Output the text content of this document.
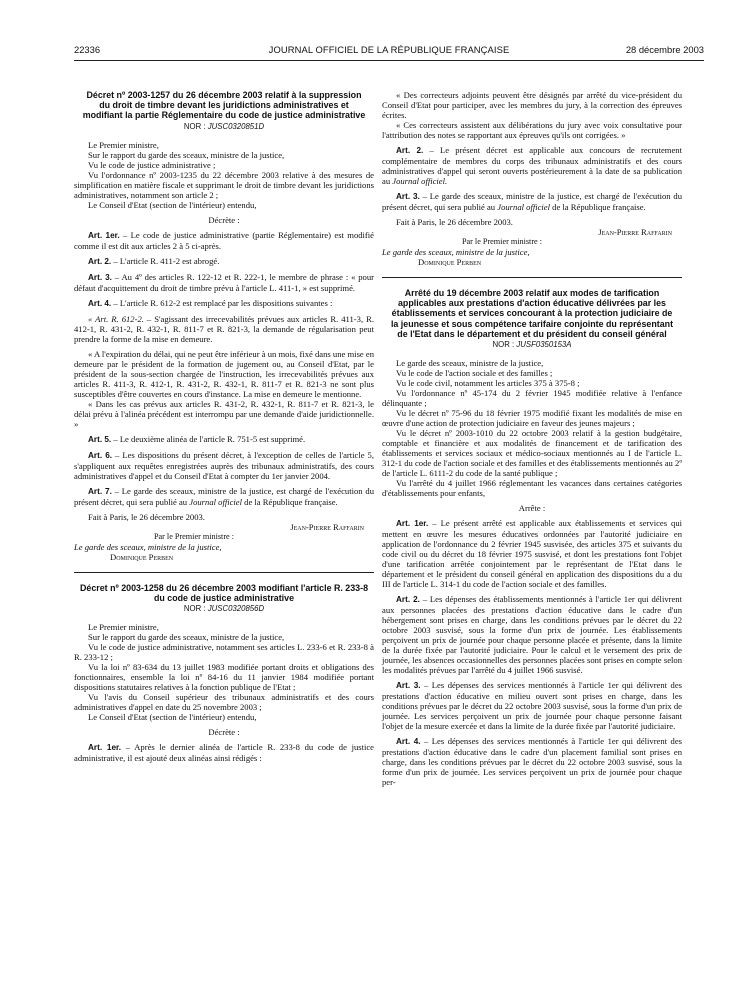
22336	JOURNAL OFFICIEL DE LA RÉPUBLIQUE FRANÇAISE	28 décembre 2003
Décret nº 2003-1257 du 26 décembre 2003 relatif à la suppression du droit de timbre devant les juridictions administratives et modifiant la partie Réglementaire du code de justice administrative
NOR : JUSC0320851D

Le Premier ministre,

Sur le rapport du garde des sceaux, ministre de la justice,

Vu le code de justice administrative ;

Vu l'ordonnance nº 2003-1235 du 22 décembre 2003 relative à des mesures de simplification en matière fiscale et supprimant le droit de timbre devant les juridictions administratives, notamment son article 2 ;

Le Conseil d'Etat (section de l'intérieur) entendu,

Décrète :

Art. 1er. – Le code de justice administrative (partie Réglementaire) est modifié comme il est dit aux articles 2 à 5 ci-après.

Art. 2. – L'article R. 411-2 est abrogé.

Art. 3. – Au 4º des articles R. 122-12 et R. 222-1, le membre de phrase : « pour défaut d'acquittement du droit de timbre prévu à l'article L. 411-1, » est supprimé.

Art. 4. – L'article R. 612-2 est remplacé par les dispositions suivantes :

« Art. R. 612-2. – S'agissant des irrecevabilités prévues aux articles R. 411-3, R. 412-1, R. 431-2, R. 432-1, R. 811-7 et R. 821-3, la demande de régularisation peut prendre la forme de la mise en demeure.

« A l'expiration du délai, qui ne peut être inférieur à un mois, fixé dans une mise en demeure par le président de la formation de jugement ou, au Conseil d'Etat, par le président de la sous-section chargée de l'instruction, les irrecevabilités prévues aux articles R. 411-3, R. 412-1, R. 431-2, R. 432-1, R. 811-7 et R. 821-3 ne sont plus susceptibles d'être couvertes en cours d'instance. La mise en demeure le mentionne.

« Dans les cas prévus aux articles R. 431-2, R. 432-1, R. 811-7 et R. 821-3, le délai prévu à l'alinéa précédent est interrompu par une demande d'aide juridictionnelle. »

Art. 5. – Le deuxième alinéa de l'article R. 751-5 est supprimé.

Art. 6. – Les dispositions du présent décret, à l'exception de celles de l'article 5, s'appliquent aux requêtes enregistrées auprès des tribunaux administratifs, des cours administratives d'appel et du Conseil d'Etat à compter du 1er janvier 2004.

Art. 7. – Le garde des sceaux, ministre de la justice, est chargé de l'exécution du présent décret, qui sera publié au Journal officiel de la République française.

Fait à Paris, le 26 décembre 2003.

Jean-Pierre Raffarin

Par le Premier ministre :

Le garde des sceaux, ministre de la justice,

Dominique Perben

Décret nº 2003-1258 du 26 décembre 2003 modifiant l'article R. 233-8 du code de justice administrative
NOR : JUSC0320856D

Le Premier ministre,

Sur le rapport du garde des sceaux, ministre de la justice,

Vu le code de justice administrative, notamment ses articles L. 233-6 et R. 233-8 à R. 233-12 ;

Vu la loi nº 83-634 du 13 juillet 1983 modifiée portant droits et obligations des fonctionnaires, ensemble la loi nº 84-16 du 11 janvier 1984 modifiée portant dispositions statutaires relatives à la fonction publique de l'Etat ;

Vu l'avis du Conseil supérieur des tribunaux administratifs et des cours administratives d'appel en date du 25 novembre 2003 ;

Le Conseil d'Etat (section de l'intérieur) entendu,

Décrète :

Art. 1er. – Après le dernier alinéa de l'article R. 233-8 du code de justice administrative, il est ajouté deux alinéas ainsi rédigés :

« Des correcteurs adjoints peuvent être désignés par arrêté du vice-président du Conseil d'Etat pour participer, avec les membres du jury, à la correction des épreuves écrites.

« Ces correcteurs assistent aux délibérations du jury avec voix consultative pour l'attribution des notes se rapportant aux épreuves qu'ils ont corrigées. »

Art. 2. – Le présent décret est applicable aux concours de recrutement complémentaire de membres du corps des tribunaux administratifs et des cours administratives d'appel qui seront ouverts postérieurement à la date de sa publication au Journal officiel.

Art. 3. – Le garde des sceaux, ministre de la justice, est chargé de l'exécution du présent décret, qui sera publié au Journal officiel de la République française.

Fait à Paris, le 26 décembre 2003.

Jean-Pierre Raffarin

Par le Premier ministre :

Le garde des sceaux, ministre de la justice,

Dominique Perben

Arrêté du 19 décembre 2003 relatif aux modes de tarification applicables aux prestations d'action éducative délivrées par les établissements et services concourant à la protection judiciaire de la jeunesse et sous compétence tarifaire conjointe du représentant de l'Etat dans le département et du président du conseil général
NOR : JUSF0350153A

Le garde des sceaux, ministre de la justice,

Vu le code de l'action sociale et des familles ;

Vu le code civil, notamment les articles 375 à 375-8 ;

Vu l'ordonnance nº 45-174 du 2 février 1945 modifiée relative à l'enfance délinquante ;

Vu le décret nº 75-96 du 18 février 1975 modifié fixant les modalités de mise en œuvre d'une action de protection judiciaire en faveur des jeunes majeurs ;

Vu le décret nº 2003-1010 du 22 octobre 2003 relatif à la gestion budgétaire, comptable et financière et aux modalités de financement et de tarification des établissements et services sociaux et médico-sociaux mentionnés au I de l'article L. 312-1 du code de l'action sociale et des familles et des établissements mentionnés au 2º de l'article L. 6111-2 du code de la santé publique ;

Vu l'arrêté du 4 juillet 1966 réglementant les vacances dans certaines catégories d'établissements pour enfants,

Arrête :

Art. 1er. – Le présent arrêté est applicable aux établissements et services qui mettent en œuvre les mesures éducatives ordonnées par l'autorité judiciaire en application de l'ordonnance du 2 février 1945 susvisée, des articles 375 et suivants du code civil ou du décret du 18 février 1975 susvisé, et dont les prestations font l'objet d'une tarification arrêtée conjointement par le représentant de l'Etat dans le département et le président du conseil général en application des dispositions du a du III de l'article L. 314-1 du code de l'action sociale et des familles.

Art. 2. – Les dépenses des établissements mentionnés à l'article 1er qui délivrent aux personnes placées des prestations d'action éducative dans le cadre d'un hébergement sont prises en charge, dans les conditions prévues par le décret du 22 octobre 2003 susvisé, sous la forme d'un prix de journée. Les établissements perçoivent un prix de journée pour chaque personne placée et présente, dans la limite de la durée fixée par l'autorité judiciaire. Pour le calcul et le versement des prix de journée, les absences occasionnelles des personnes placées sont prises en compte selon les modalités prévues par l'arrêté du 4 juillet 1966 susvisé.

Art. 3. – Les dépenses des services mentionnés à l'article 1er qui délivrent des prestations d'action éducative en milieu ouvert sont prises en charge, dans les conditions prévues par le décret du 22 octobre 2003 susvisé, sous la forme d'un prix de journée. Les services perçoivent un prix de journée pour chaque personne faisant l'objet de la mesure exercée et dans la limite de la durée fixée par l'autorité judiciaire.

Art. 4. – Les dépenses des services mentionnés à l'article 1er qui délivrent des prestations d'action éducative dans le cadre d'un placement familial sont prises en charge, dans les conditions prévues par le décret du 22 octobre 2003 susvisé, sous la forme d'un prix de journée. Les services perçoivent un prix de journée pour chaque per-
